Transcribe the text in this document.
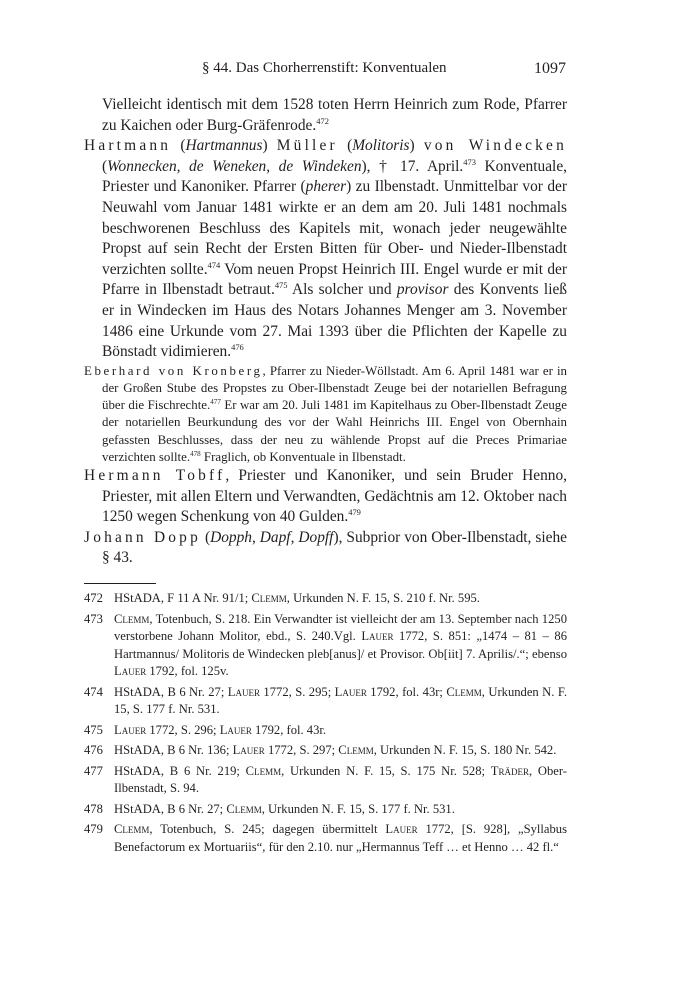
§ 44. Das Chorherrenstift: Konventualen	1097

Vielleicht identisch mit dem 1528 toten Herrn Heinrich zum Rode, Pfarrer zu Kaichen oder Burg-Gräfenrode.$^{472}$

Hartmann (Hartmannus) Müller (Molitoris) von Windecken (Wonnecken, de Weneken, de Windeken), † 17. April.$^{473}$ Konventuale, Priester und Kanoniker. Pfarrer (pherer) zu Ilbenstadt. Unmittelbar vor der Neuwahl vom Januar 1481 wirkte er an dem am 20. Juli 1481 nochmals beschworenen Beschluss des Kapitels mit, wonach jeder neugewählte Propst auf sein Recht der Ersten Bitten für Ober- und Nieder-Ilbenstadt verzichten sollte.$^{474}$ Vom neuen Propst Heinrich III. Engel wurde er mit der Pfarre in Ilbenstadt betraut.$^{475}$ Als solcher und provisor des Konvents ließ er in Windecken im Haus des Notars Johannes Menger am 3. November 1486 eine Urkunde vom 27. Mai 1393 über die Pflichten der Kapelle zu Bönstadt vidimieren.$^{476}$

Eberhard von Kronberg, Pfarrer zu Nieder-Wöllstadt. Am 6. April 1481 war er in der Großen Stube des Propstes zu Ober-Ilbenstadt Zeuge bei der notariellen Befragung über die Fischrechte.$^{477}$ Er war am 20. Juli 1481 im Kapitelhaus zu Ober-Ilbenstadt Zeuge der notariellen Beurkundung des vor der Wahl Heinrichs III. Engel von Obernhain gefassten Beschlusses, dass der neu zu wählende Propst auf die Preces Primariae verzichten sollte.$^{478}$ Fraglich, ob Konventuale in Ilbenstadt.

Hermann Tobff, Priester und Kanoniker, und sein Bruder Henno, Priester, mit allen Eltern und Verwandten, Gedächtnis am 12. Oktober nach 1250 wegen Schenkung von 40 Gulden.$^{479}$

Johann Dopp (Dopph, Dapf, Dopff), Subprior von Ober-Ilbenstadt, siehe § 43.

472 HStADA, F 11 A Nr. 91/1; Clemm, Urkunden N. F. 15, S. 210 f. Nr. 595.
473 Clemm, Totenbuch, S. 218. Ein Verwandter ist vielleicht der am 13. September nach 1250 verstorbene Johann Molitor, ebd., S. 240.Vgl. Lauer 1772, S. 851: „1474 – 81 – 86 Hartmannus/ Molitoris de Windecken pleb[anus]/ et Provisor. Ob[iit] 7. Aprilis/.“; ebenso Lauer 1792, fol. 125v.
474 HStADA, B 6 Nr. 27; Lauer 1772, S. 295; Lauer 1792, fol. 43r; Clemm, Urkunden N. F. 15, S. 177 f. Nr. 531.
475 Lauer 1772, S. 296; Lauer 1792, fol. 43r.
476 HStADA, B 6 Nr. 136; Lauer 1772, S. 297; Clemm, Urkunden N. F. 15, S. 180 Nr. 542.
477 HStADA, B 6 Nr. 219; Clemm, Urkunden N. F. 15, S. 175 Nr. 528; Träder, Ober-Ilbenstadt, S. 94.
478 HStADA, B 6 Nr. 27; Clemm, Urkunden N. F. 15, S. 177 f. Nr. 531.
479 Clemm, Totenbuch, S. 245; dagegen übermittelt Lauer 1772, [S. 928], „Syllabus Benefactorum ex Mortuariis“, für den 2.10. nur „Hermannus Teff … et Henno … 42 fl.“
